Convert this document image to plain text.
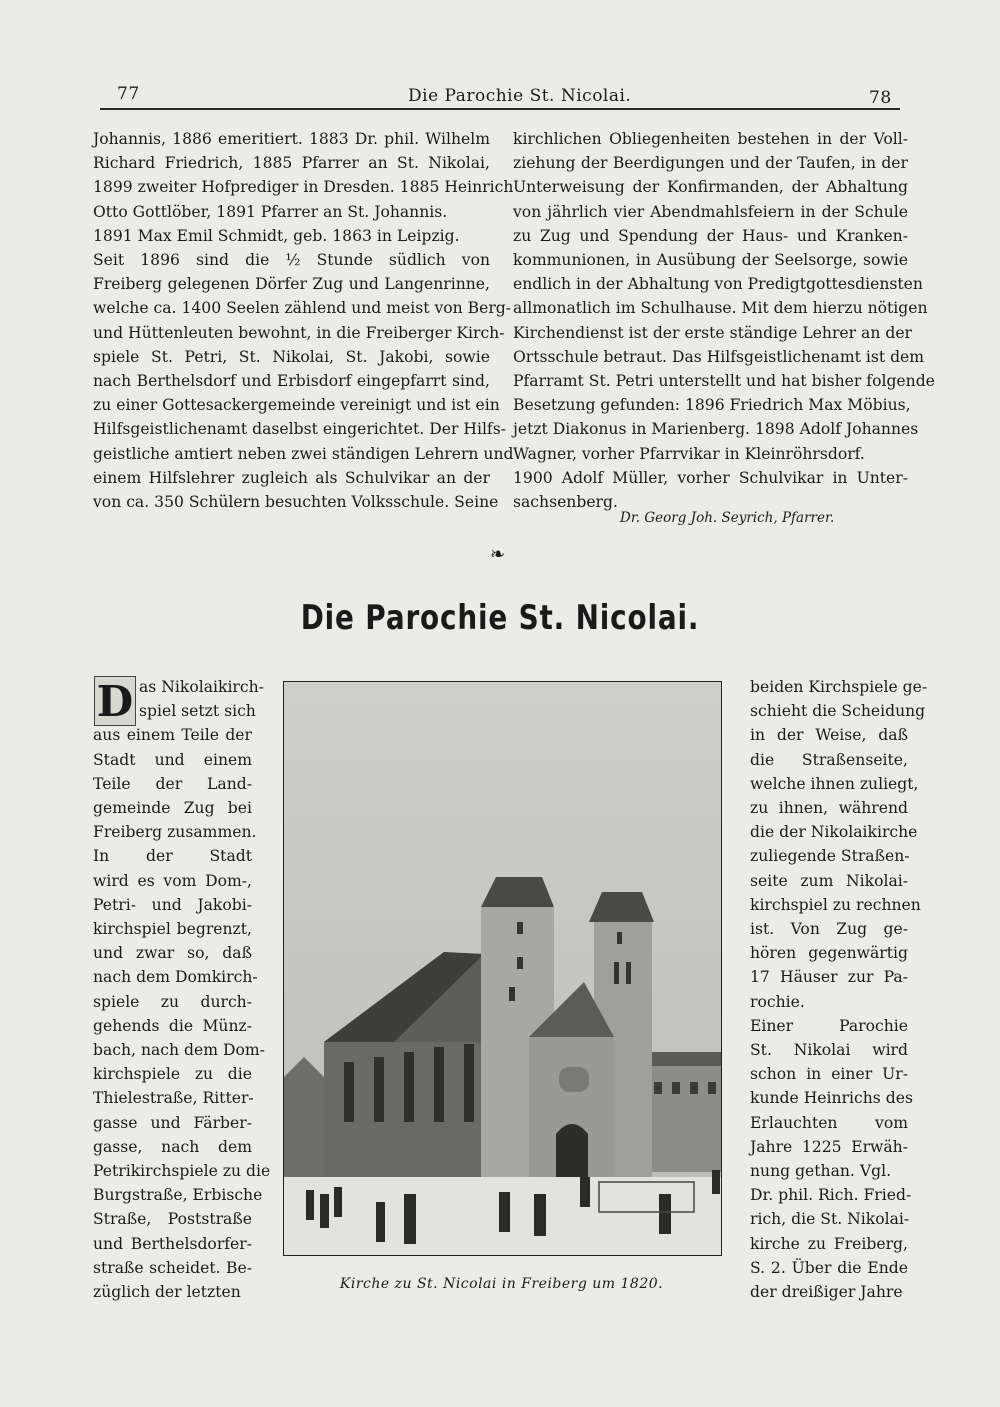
77	Die Parochie St. Nicolai.	78
Johannis, 1886 emeritiert. 1883 Dr. phil. Wilhelm
Richard Friedrich, 1885 Pfarrer an St. Nikolai,
1899 zweiter Hofprediger in Dresden. 1885 Heinrich
Otto Gottlöber, 1891 Pfarrer an St. Johannis.
1891 Max Emil Schmidt, geb. 1863 in Leipzig.
Seit 1896 sind die ½ Stunde südlich von
Freiberg gelegenen Dörfer Zug und Langenrinne,
welche ca. 1400 Seelen zählend und meist von Berg-
und Hüttenleuten bewohnt, in die Freiberger Kirch-
spiele St. Petri, St. Nikolai, St. Jakobi, sowie
nach Berthelsdorf und Erbisdorf eingepfarrt sind,
zu einer Gottesackergemeinde vereinigt und ist ein
Hilfsgeistlichenamt daselbst eingerichtet. Der Hilfs-
geistliche amtiert neben zwei ständigen Lehrern und
einem Hilfslehrer zugleich als Schulvikar an der
von ca. 350 Schülern besuchten Volksschule. Seine
kirchlichen Obliegenheiten bestehen in der Voll-
ziehung der Beerdigungen und der Taufen, in der
Unterweisung der Konfirmanden, der Abhaltung
von jährlich vier Abendmahlsfeiern in der Schule
zu Zug und Spendung der Haus- und Kranken-
kommunionen, in Ausübung der Seelsorge, sowie
endlich in der Abhaltung von Predigtgottesdiensten
allmonatlich im Schulhause. Mit dem hierzu nötigen
Kirchendienst ist der erste ständige Lehrer an der
Ortsschule betraut. Das Hilfsgeistlichenamt ist dem
Pfarramt St. Petri unterstellt und hat bisher folgende
Besetzung gefunden: 1896 Friedrich Max Möbius,
jetzt Diakonus in Marienberg. 1898 Adolf Johannes
Wagner, vorher Pfarrvikar in Kleinröhrsdorf.
1900 Adolf Müller, vorher Schulvikar in Unter-
sachsenberg.
Dr. Georg Joh. Seyrich, Pfarrer.
❧
Die Parochie St. Nicolai.
D as Nikolaikirch-
spiel setzt sich
aus einem Teile der
Stadt und einem
Teile der Land-
gemeinde Zug bei
Freiberg zusammen.
In der Stadt
wird es vom Dom-,
Petri- und Jakobi-
kirchspiel begrenzt,
und zwar so, daß
nach dem Domkirch-
spiele zu durch-
gehends die Münz-
bach, nach dem Dom-
kirchspiele zu die
Thielestraße, Ritter-
gasse und Färber-
gasse, nach dem
Petrikirchspiele zu die
Burgstraße, Erbische
Straße, Poststraße
und Berthelsdorfer-
straße scheidet. Be-
züglich der letzten
beiden Kirchspiele ge-
schieht die Scheidung
in der Weise, daß
die Straßenseite,
welche ihnen zuliegt,
zu ihnen, während
die der Nikolaikirche
zuliegende Straßen-
seite zum Nikolai-
kirchspiel zu rechnen
ist. Von Zug ge-
hören gegenwärtig
17 Häuser zur Pa-
rochie.
Einer Parochie
St. Nikolai wird
schon in einer Ur-
kunde Heinrichs des
Erlauchten vom
Jahre 1225 Erwäh-
nung gethan. Vgl.
Dr. phil. Rich. Fried-
rich, die St. Nikolai-
kirche zu Freiberg,
S. 2. Über die Ende
der dreißiger Jahre
Kirche zu St. Nicolai in Freiberg um 1820.
